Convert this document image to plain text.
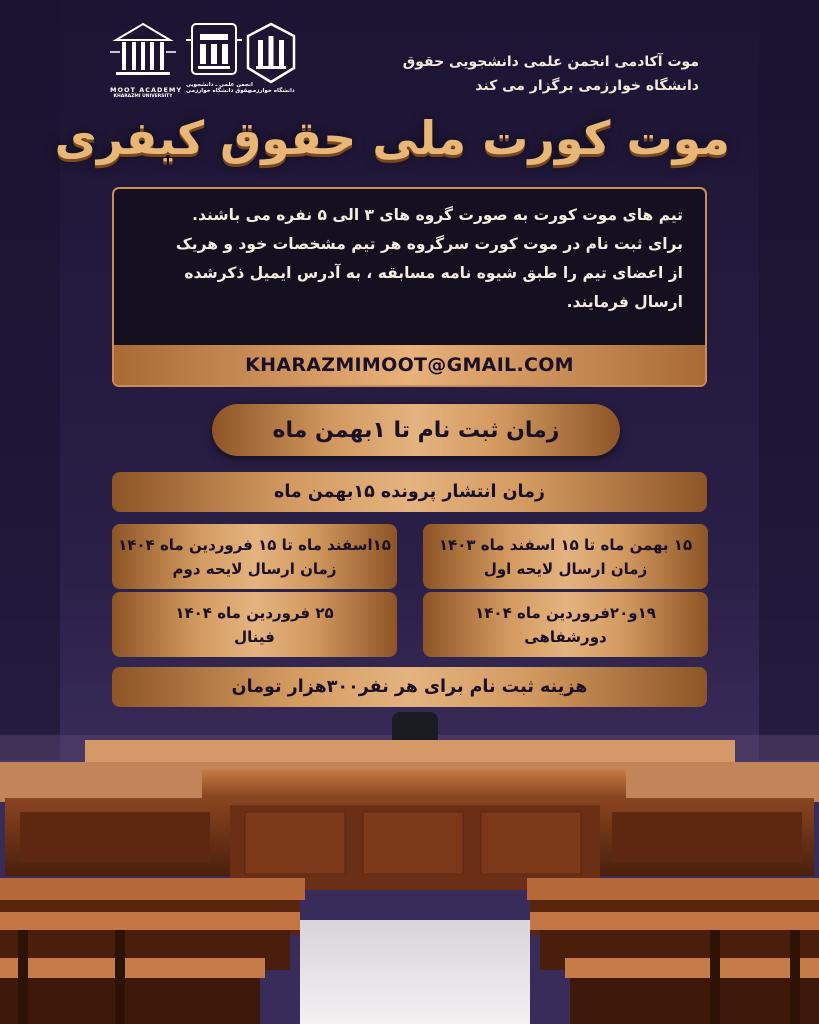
MOOT ACADEMY
KHARAZMI UNIVERSITY
انجمن علمی ـ دانشجویی
حقوق دانشگاه خوارزمی
دانشگاه خوارزمی
موت آکادمی انجمن علمی دانشجویی حقوق
دانشگاه خوارزمی برگزار می کند
موت کورت ملی حقوق کیفری
تیم های موت کورت به صورت گروه های ۳ الی ۵ نفره می باشند.
برای ثبت نام در موت کورت سرگروه هر تیم مشخصات خود و هریک
از اعضای تیم را طبق شیوه نامه مسابقه ، به آدرس ایمیل ذکرشده
ارسال فرمایند.
KHARAZMIMOOT@GMAIL.COM
زمان ثبت نام تا ۱بهمن ماه
زمان انتشار پرونده ۱۵بهمن ماه
۱۵ بهمن ماه تا ۱۵ اسفند ماه ۱۴۰۳
زمان ارسال لایحه اول
۱۵اسفند ماه تا ۱۵ فروردین ماه ۱۴۰۴
زمان ارسال لایحه دوم
۱۹و۲۰فروردین ماه ۱۴۰۴
دورشفاهی
۲۵ فروردین ماه ۱۴۰۴
فینال
هزینه ثبت نام برای هر نفر۳۰۰هزار تومان
